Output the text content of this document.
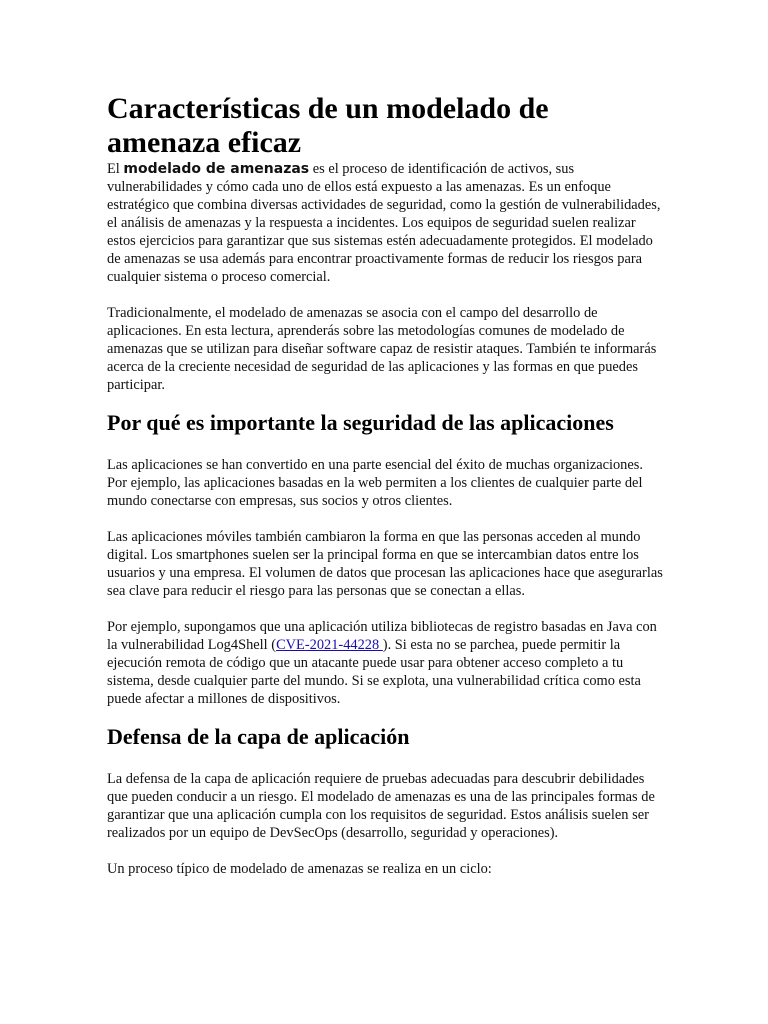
Características de un modelado de amenaza eficaz

El modelado de amenazas es el proceso de identificación de activos, sus vulnerabilidades y cómo cada uno de ellos está expuesto a las amenazas. Es un enfoque estratégico que combina diversas actividades de seguridad, como la gestión de vulnerabilidades, el análisis de amenazas y la respuesta a incidentes. Los equipos de seguridad suelen realizar estos ejercicios para garantizar que sus sistemas estén adecuadamente protegidos. El modelado de amenazas se usa además para encontrar proactivamente formas de reducir los riesgos para cualquier sistema o proceso comercial.

Tradicionalmente, el modelado de amenazas se asocia con el campo del desarrollo de aplicaciones. En esta lectura, aprenderás sobre las metodologías comunes de modelado de amenazas que se utilizan para diseñar software capaz de resistir ataques. También te informarás acerca de la creciente necesidad de seguridad de las aplicaciones y las formas en que puedes participar.

Por qué es importante la seguridad de las aplicaciones

Las aplicaciones se han convertido en una parte esencial del éxito de muchas organizaciones. Por ejemplo, las aplicaciones basadas en la web permiten a los clientes de cualquier parte del mundo conectarse con empresas, sus socios y otros clientes.

Las aplicaciones móviles también cambiaron la forma en que las personas acceden al mundo digital. Los smartphones suelen ser la principal forma en que se intercambian datos entre los usuarios y una empresa. El volumen de datos que procesan las aplicaciones hace que asegurarlas sea clave para reducir el riesgo para las personas que se conectan a ellas.

Por ejemplo, supongamos que una aplicación utiliza bibliotecas de registro basadas en Java con la vulnerabilidad Log4Shell (CVE-2021-44228 ). Si esta no se parchea, puede permitir la ejecución remota de código que un atacante puede usar para obtener acceso completo a tu sistema, desde cualquier parte del mundo. Si se explota, una vulnerabilidad crítica como esta puede afectar a millones de dispositivos.

Defensa de la capa de aplicación

La defensa de la capa de aplicación requiere de pruebas adecuadas para descubrir debilidades que pueden conducir a un riesgo. El modelado de amenazas es una de las principales formas de garantizar que una aplicación cumpla con los requisitos de seguridad. Estos análisis suelen ser realizados por un equipo de DevSecOps (desarrollo, seguridad y operaciones).

Un proceso típico de modelado de amenazas se realiza en un ciclo:
